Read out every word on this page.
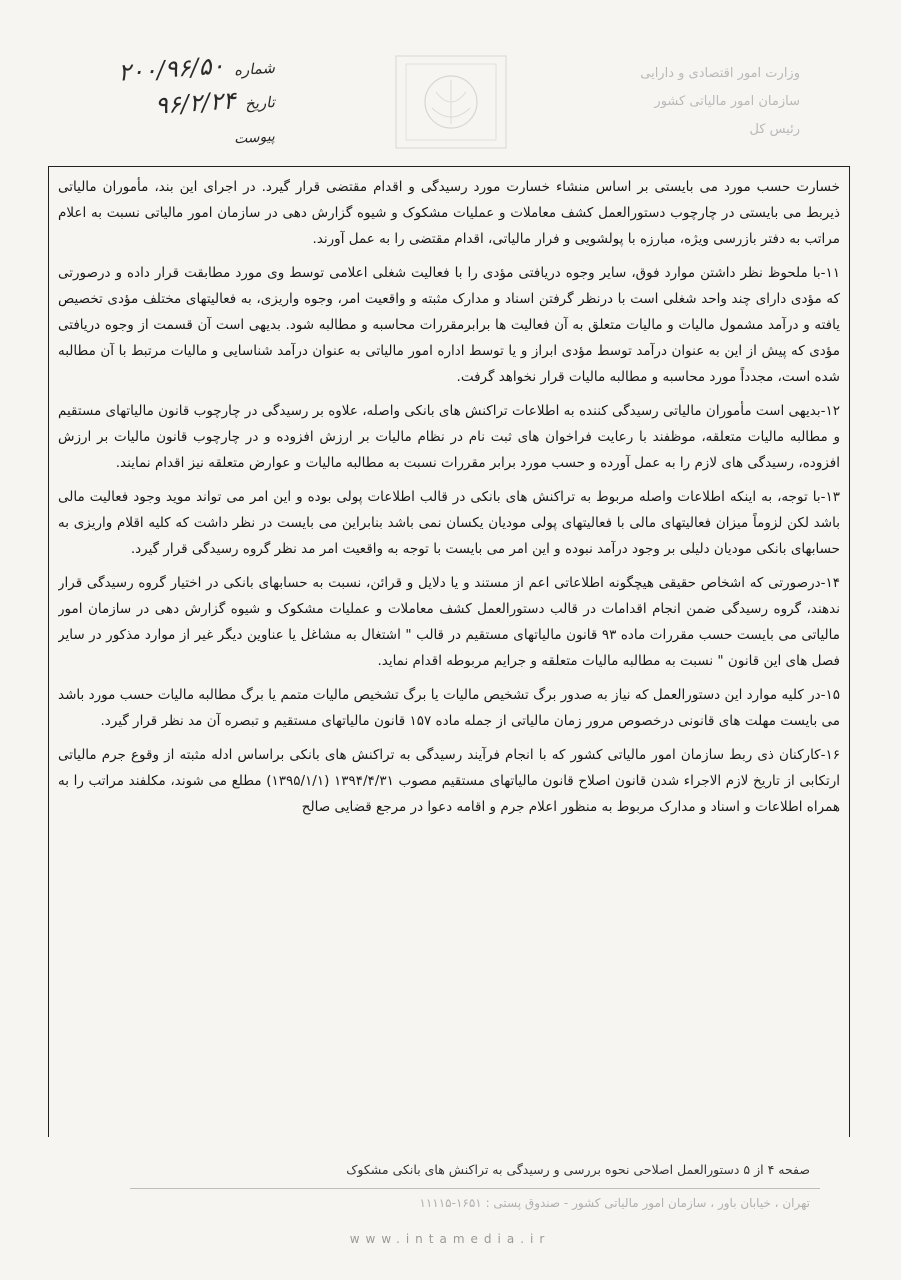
شماره
۲۰۰/۹۶/۵۰
تاریخ
۹۶/۲/۲۴
پیوست
وزارت امور اقتصادی و دارایی
سازمان امور مالیاتی کشور
رئیس کل

خسارت حسب مورد می بایستی بر اساس منشاء خسارت مورد رسیدگی و اقدام مقتضی قرار گیرد. در اجرای این بند، مأموران مالیاتی ذیربط می بایستی در چارچوب دستورالعمل کشف معاملات و عملیات مشکوک و شیوه گزارش دهی در سازمان امور مالیاتی نسبت به اعلام مراتب به دفتر بازرسی ویژه، مبارزه با پولشویی و فرار مالیاتی، اقدام مقتضی را به عمل آورند.

۱۱-با ملحوظ نظر داشتن موارد فوق، سایر وجوه دریافتی مؤدی را با فعالیت شغلی اعلامی توسط وی مورد مطابقت قرار داده و درصورتی که مؤدی دارای چند واحد شغلی است با درنظر گرفتن اسناد و مدارک مثبته و واقعیت امر، وجوه واریزی، به فعالیتهای مختلف مؤدی تخصیص یافته و درآمد مشمول مالیات و مالیات متعلق به آن فعالیت ها برابرمقررات محاسبه و مطالبه شود. بدیهی است آن قسمت از وجوه دریافتی مؤدی که پیش از این به عنوان درآمد توسط مؤدی ابراز و یا توسط اداره امور مالیاتی به عنوان درآمد شناسایی و مالیات مرتبط با آن مطالبه شده است، مجدداً مورد محاسبه و مطالبه مالیات قرار نخواهد گرفت.

۱۲-بدیهی است مأموران مالیاتی رسیدگی کننده به اطلاعات تراکنش های بانکی واصله، علاوه بر رسیدگی در چارچوب قانون مالیاتهای مستقیم و مطالبه مالیات متعلقه، موظفند با رعایت فراخوان های ثبت نام در نظام مالیات بر ارزش افزوده و در چارچوب قانون مالیات بر ارزش افزوده، رسیدگی های لازم را به عمل آورده و حسب مورد برابر مقررات نسبت به مطالبه مالیات و عوارض متعلقه نیز اقدام نمایند.

۱۳-با توجه، به اینکه اطلاعات واصله مربوط به تراکنش های بانکی در قالب اطلاعات پولی بوده و این امر می تواند موید وجود فعالیت مالی باشد لکن لزوماً میزان فعالیتهای مالی با فعالیتهای پولی مودیان یکسان نمی باشد بنابراین می بایست در نظر داشت که کلیه اقلام واریزی به حسابهای بانکی مودیان دلیلی بر وجود درآمد نبوده و این امر می بایست با توجه به واقعیت امر مد نظر گروه رسیدگی قرار گیرد.

۱۴-درصورتی که اشخاص حقیقی هیچگونه اطلاعاتی اعم از مستند و یا دلایل و قرائن، نسبت به حسابهای بانکی در اختیار گروه رسیدگی قرار ندهند، گروه رسیدگی ضمن انجام اقدامات در قالب دستورالعمل کشف معاملات و عملیات مشکوک و شیوه گزارش دهی در سازمان امور مالیاتی می بایست حسب مقررات ماده ۹۳ قانون مالیاتهای مستقیم در قالب " اشتغال به مشاغل یا عناوین دیگر غیر از موارد مذکور در سایر فصل های این قانون " نسبت به مطالبه مالیات متعلقه و جرایم مربوطه اقدام نماید.

۱۵-در کلیه موارد این دستورالعمل که نیاز به صدور برگ تشخیص مالیات یا برگ تشخیص مالیات متمم یا برگ مطالبه مالیات حسب مورد باشد می بایست مهلت های قانونی درخصوص مرور زمان مالیاتی از جمله ماده ۱۵۷ قانون مالیاتهای مستقیم و تبصره آن مد نظر قرار گیرد.

۱۶-کارکنان ذی ربط سازمان امور مالیاتی کشور که با انجام فرآیند رسیدگی به تراکنش های بانکی براساس ادله مثبته از وقوع جرم مالیاتی ارتکابی از تاریخ لازم الاجراء شدن قانون اصلاح قانون مالیاتهای مستقیم مصوب ۱۳۹۴/۴/۳۱ (۱۳۹۵/۱/۱) مطلع می شوند، مکلفند مراتب را به همراه اطلاعات و اسناد و مدارک مربوط به منظور اعلام جرم و اقامه دعوا در مرجع قضایی صالح

صفحه ۴ از ۵ دستورالعمل اصلاحی نحوه بررسی و رسیدگی به تراکنش های بانکی مشکوک
تهران ، خیابان باور ، سازمان امور مالیاتی کشور - صندوق پستی : ۱۶۵۱-۱۱۱۱۵
www.intamedia.ir
